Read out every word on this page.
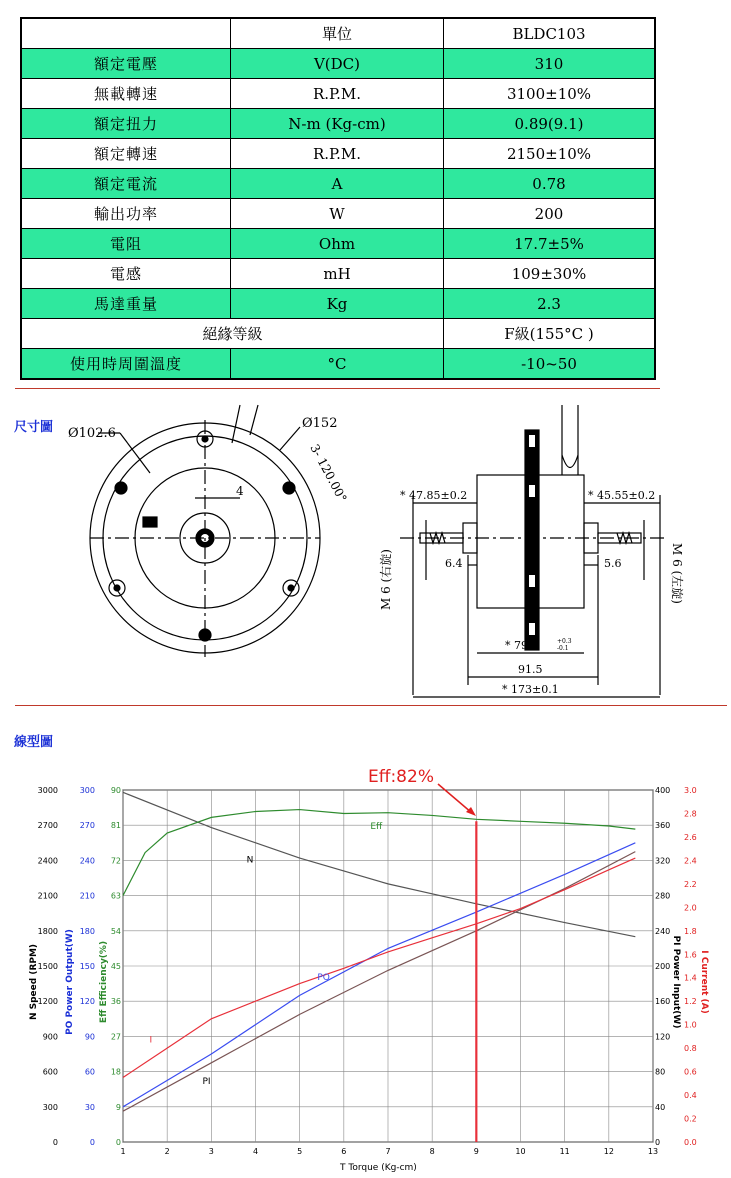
	單位	BLDC103
額定電壓	V(DC)	310
無載轉速	R.P.M.	3100±10%
額定扭力	N-m (Kg-cm)	0.89(9.1)
額定轉速	R.P.M.	2150±10%
額定電流	A	0.78
輸出功率	W	200
電阻	Ohm	17.7±5%
電感	mH	109±30%
馬達重量	Kg	2.3
絕緣等級		F級(155°C )
使用時周圍溫度	°C	-10~50
尺寸圖 Ø102.6
Ø152
3- 120.00°
4	* 47.85±0.2	* 45.55±0.2
6.4	5.6
M 6 (右旋)	M 6 (左旋)
* 79.6	+0.3
-0.1
91.5
* 173±0.1
線型圖
1	2	3	4	5	6	7	8	9	10	11	12	13
0
300
600
900
1200
1500
1800
2100
2400
2700
3000
0
30
60
90
120
150
180
210
240
270
300
0
9
18
27
36
45
54
63
72
81
90
0
40
80
120
160
200
240
280
320
360
400
0.0
0.2
0.4
0.6
0.8
1.0
1.2
1.4
1.6
1.8
2.0
2.2
2.4
2.6
2.8
3.0
N
Eff
PO
PI
I
Eff:82%
T Torque (Kg-cm)
N Speed (RPM)	PO Power Output(W)	Eff Efficiency(%)	PI Power Input(W) I Current (A)
